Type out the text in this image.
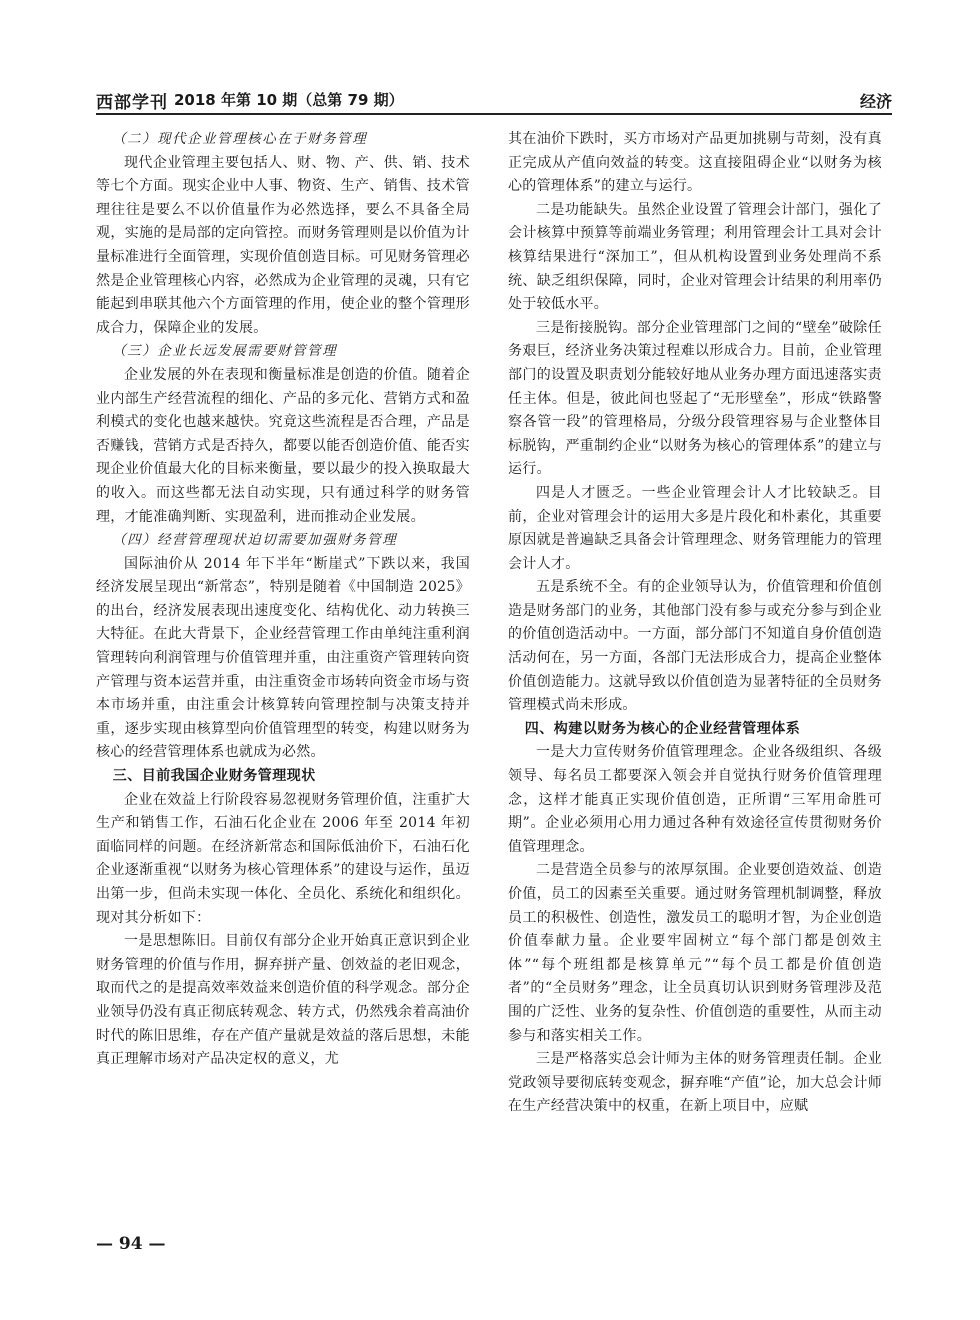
西部学刊 2018 年第 10 期（总第 79 期）	经济
（二）现代企业管理核心在于财务管理

现代企业管理主要包括人、财、物、产、供、销、技术等七个方面。现实企业中人事、物资、生产、销售、技术管理往往是要么不以价值量作为必然选择，要么不具备全局观，实施的是局部的定向管控。而财务管理则是以价值为计量标准进行全面管理，实现价值创造目标。可见财务管理必然是企业管理核心内容，必然成为企业管理的灵魂，只有它能起到串联其他六个方面管理的作用，使企业的整个管理形成合力，保障企业的发展。

（三）企业长远发展需要财管管理

企业发展的外在表现和衡量标准是创造的价值。随着企业内部生产经营流程的细化、产品的多元化、营销方式和盈利模式的变化也越来越快。究竟这些流程是否合理，产品是否赚钱，营销方式是否持久，都要以能否创造价值、能否实现企业价值最大化的目标来衡量，要以最少的投入换取最大的收入。而这些都无法自动实现，只有通过科学的财务管理，才能准确判断、实现盈利，进而推动企业发展。

（四）经营管理现状迫切需要加强财务管理

国际油价从 2014 年下半年“断崖式”下跌以来，我国经济发展呈现出“新常态”，特别是随着《中国制造 2025》的出台，经济发展表现出速度变化、结构优化、动力转换三大特征。在此大背景下，企业经营管理工作由单纯注重利润管理转向利润管理与价值管理并重，由注重资产管理转向资产管理与资本运营并重，由注重资金市场转向资金市场与资本市场并重，由注重会计核算转向管理控制与决策支持并重，逐步实现由核算型向价值管理型的转变，构建以财务为核心的经营管理体系也就成为必然。

三、目前我国企业财务管理现状

企业在效益上行阶段容易忽视财务管理价值，注重扩大生产和销售工作，石油石化企业在 2006 年至 2014 年初面临同样的问题。在经济新常态和国际低油价下，石油石化企业逐渐重视“以财务为核心管理体系”的建设与运作，虽迈出第一步，但尚未实现一体化、全员化、系统化和组织化。现对其分析如下：

一是思想陈旧。目前仅有部分企业开始真正意识到企业财务管理的价值与作用，摒弃拼产量、创效益的老旧观念，取而代之的是提高效率效益来创造价值的科学观念。部分企业领导仍没有真正彻底转观念、转方式，仍然残余着高油价时代的陈旧思维，存在产值产量就是效益的落后思想，未能真正理解市场对产品决定权的意义，尤

其在油价下跌时，买方市场对产品更加挑剔与苛刻，没有真正完成从产值向效益的转变。这直接阻碍企业“以财务为核心的管理体系”的建立与运行。

二是功能缺失。虽然企业设置了管理会计部门，强化了会计核算中预算等前端业务管理；利用管理会计工具对会计核算结果进行“深加工”，但从机构设置到业务处理尚不系统、缺乏组织保障，同时，企业对管理会计结果的利用率仍处于较低水平。

三是衔接脱钩。部分企业管理部门之间的“壁垒”破除任务艰巨，经济业务决策过程难以形成合力。目前，企业管理部门的设置及职责划分能较好地从业务办理方面迅速落实责任主体。但是，彼此间也竖起了“无形壁垒”，形成“铁路警察各管一段”的管理格局，分级分段管理容易与企业整体目标脱钩，严重制约企业“以财务为核心的管理体系”的建立与运行。

四是人才匮乏。一些企业管理会计人才比较缺乏。目前，企业对管理会计的运用大多是片段化和朴素化，其重要原因就是普遍缺乏具备会计管理理念、财务管理能力的管理会计人才。

五是系统不全。有的企业领导认为，价值管理和价值创造是财务部门的业务，其他部门没有参与或充分参与到企业的价值创造活动中。一方面，部分部门不知道自身价值创造活动何在，另一方面，各部门无法形成合力，提高企业整体价值创造能力。这就导致以价值创造为显著特征的全员财务管理模式尚未形成。

四、构建以财务为核心的企业经营管理体系

一是大力宣传财务价值管理理念。企业各级组织、各级领导、每名员工都要深入领会并自觉执行财务价值管理理念，这样才能真正实现价值创造，正所谓“三军用命胜可期”。企业必须用心用力通过各种有效途径宣传贯彻财务价值管理理念。

二是营造全员参与的浓厚氛围。企业要创造效益、创造价值，员工的因素至关重要。通过财务管理机制调整，释放员工的积极性、创造性，激发员工的聪明才智，为企业创造价值奉献力量。企业要牢固树立“每个部门都是创效主体”“每个班组都是核算单元”“每个员工都是价值创造者”的“全员财务”理念，让全员真切认识到财务管理涉及范围的广泛性、业务的复杂性、价值创造的重要性，从而主动参与和落实相关工作。

三是严格落实总会计师为主体的财务管理责任制。企业党政领导要彻底转变观念，摒弃唯“产值”论，加大总会计师在生产经营决策中的权重，在新上项目中，应赋

— 94 —
